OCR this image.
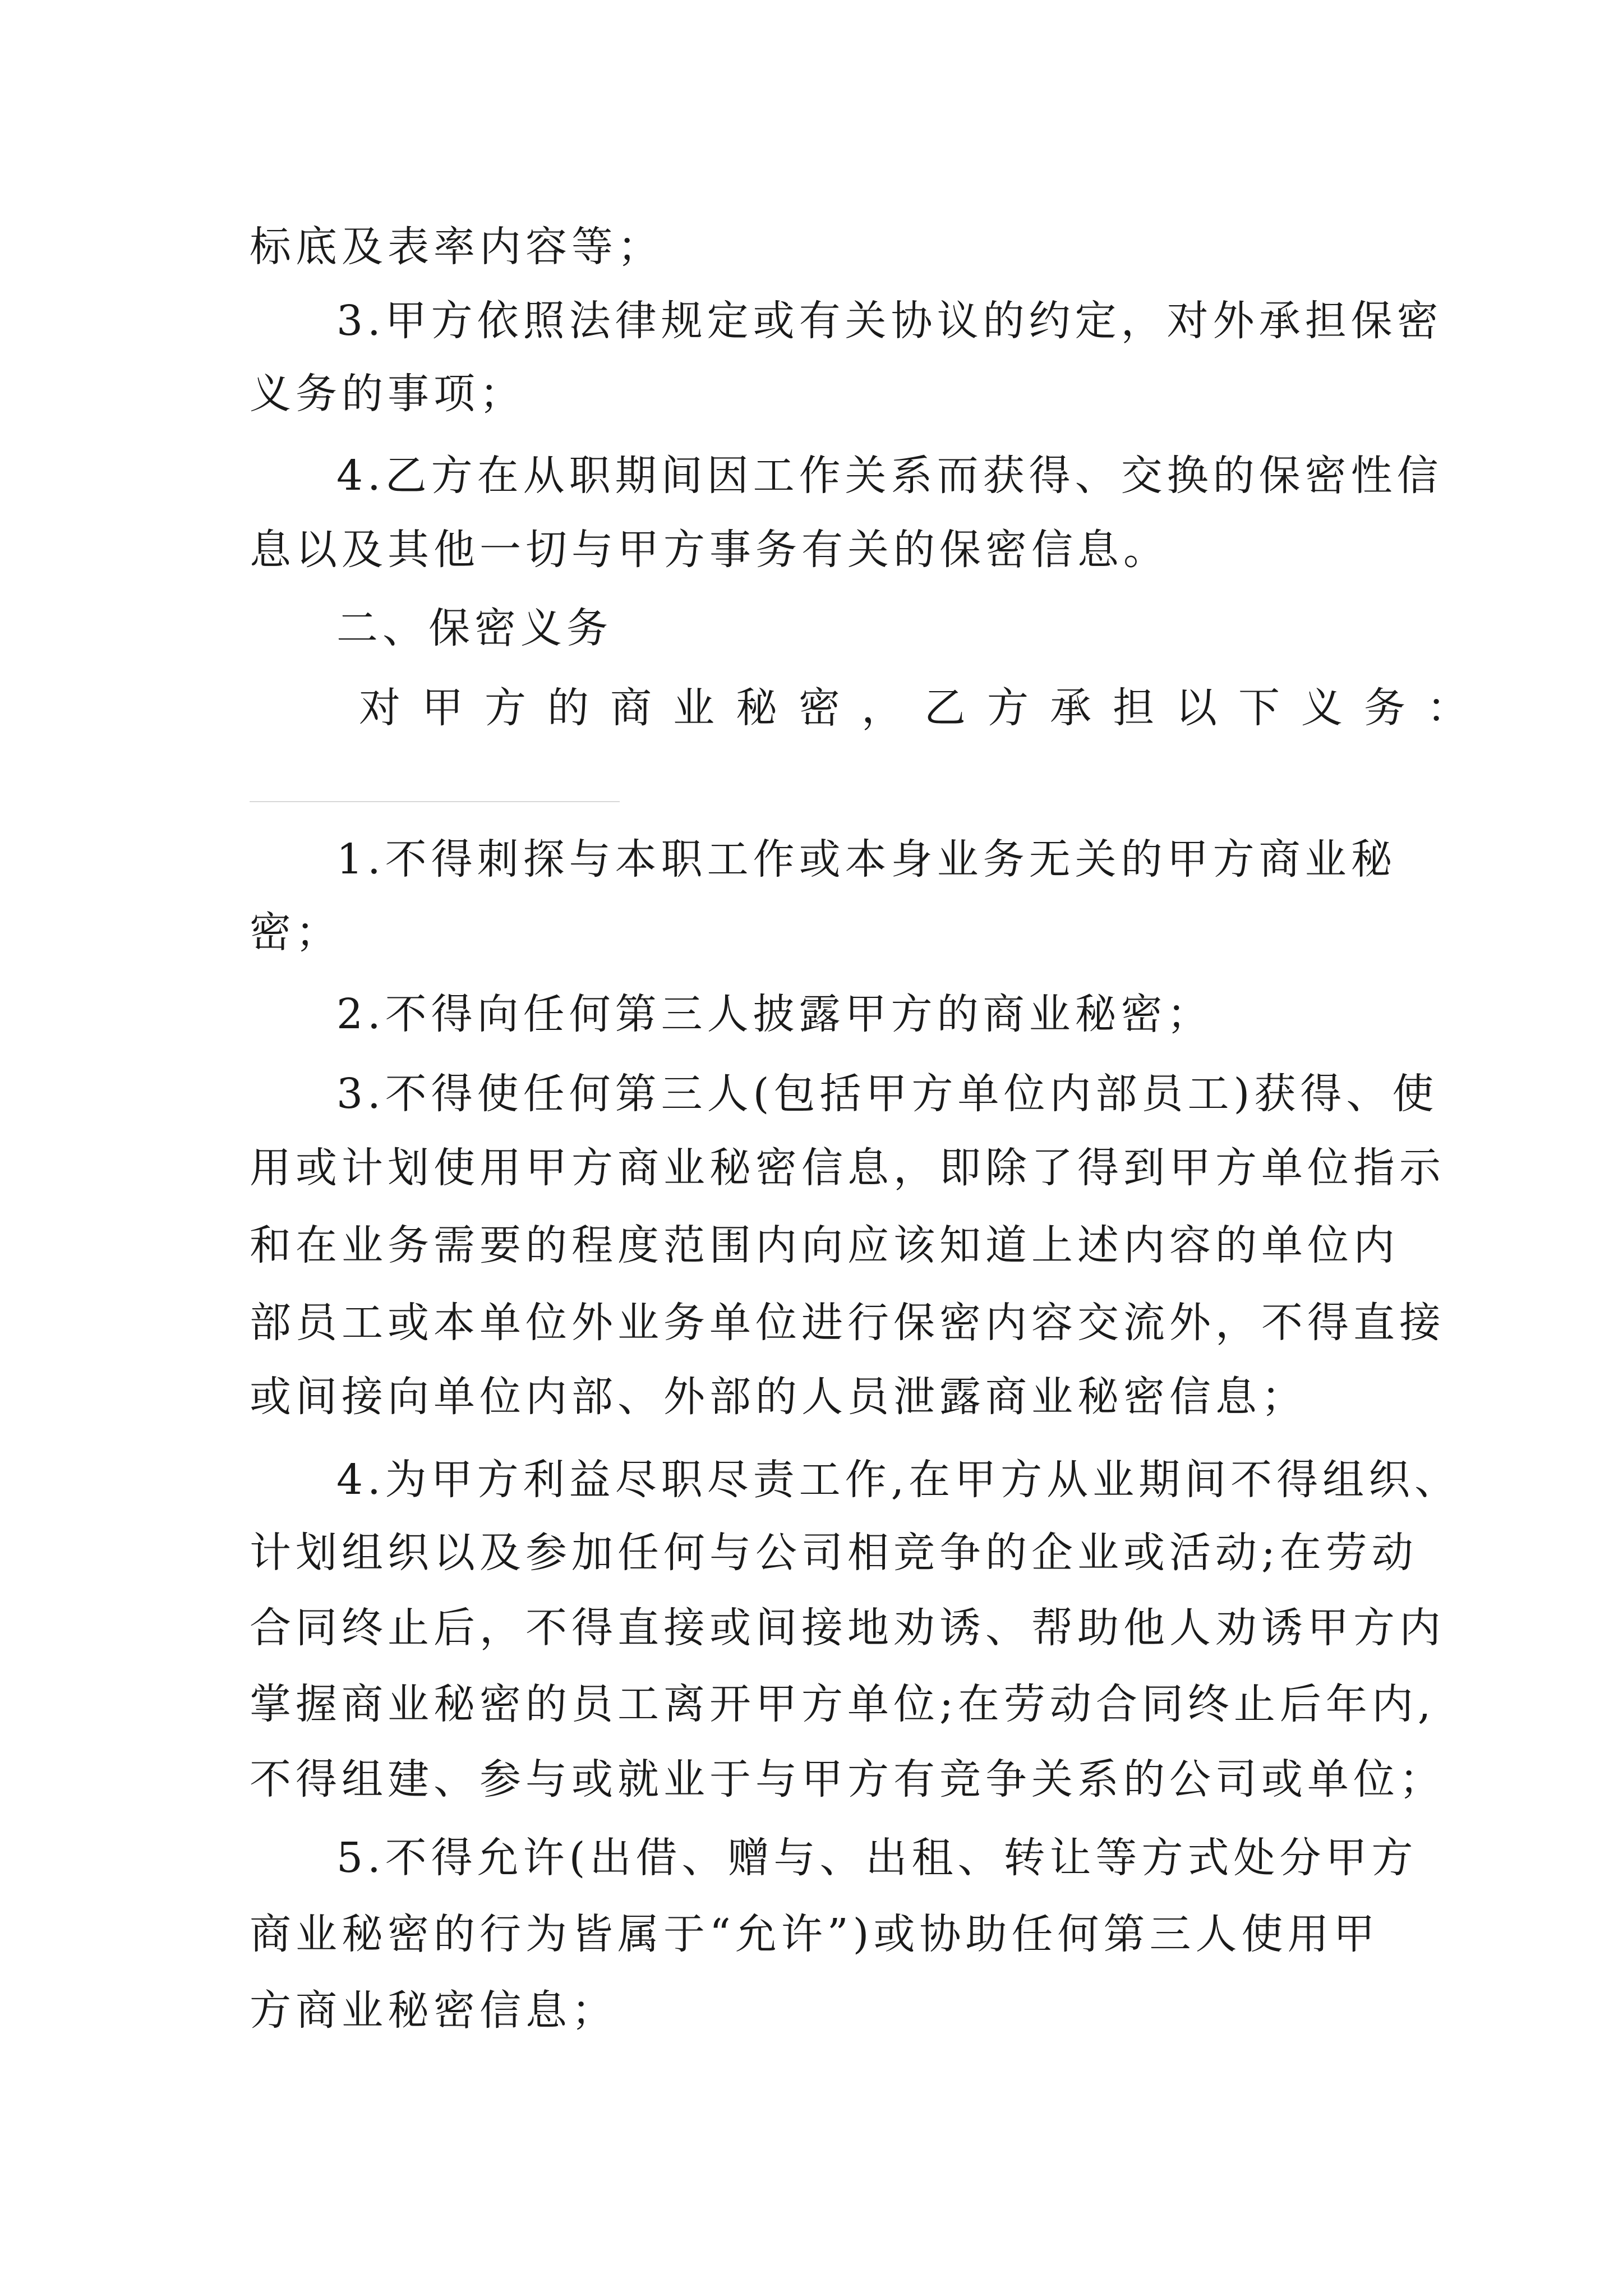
标底及表率内容等；
3.甲方依照法律规定或有关协议的约定，对外承担保密
义务的事项；
4.乙方在从职期间因工作关系而获得、交换的保密性信
息以及其他一切与甲方事务有关的保密信息。
二、保密义务
对甲方的商业秘密，乙方承担以下义务：
1.不得刺探与本职工作或本身业务无关的甲方商业秘
密；
2.不得向任何第三人披露甲方的商业秘密；
3.不得使任何第三人(包括甲方单位内部员工)获得、使
用或计划使用甲方商业秘密信息，即除了得到甲方单位指示
和在业务需要的程度范围内向应该知道上述内容的单位内
部员工或本单位外业务单位进行保密内容交流外，不得直接
或间接向单位内部、外部的人员泄露商业秘密信息；
4.为甲方利益尽职尽责工作,在甲方从业期间不得组织、
计划组织以及参加任何与公司相竞争的企业或活动;在劳动
合同终止后，不得直接或间接地劝诱、帮助他人劝诱甲方内
掌握商业秘密的员工离开甲方单位;在劳动合同终止后年内,
不得组建、参与或就业于与甲方有竞争关系的公司或单位；
5.不得允许(出借、赠与、出租、转让等方式处分甲方
商业秘密的行为皆属于“允许”)或协助任何第三人使用甲
方商业秘密信息；
